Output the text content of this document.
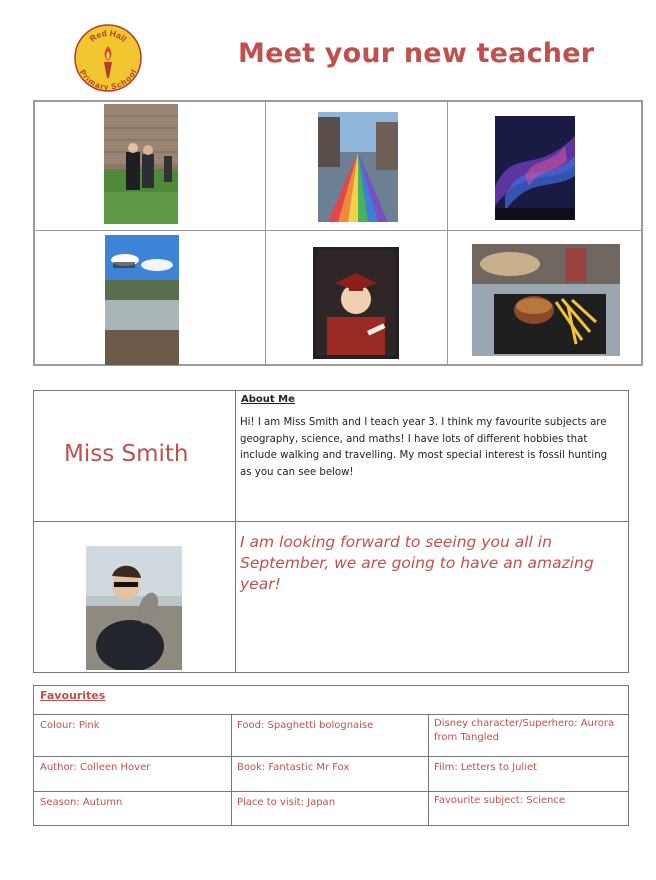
Red Hall
Primary School
Meet your new teacher
Miss Smith
About Me
Hi! I am Miss Smith and I teach year 3. I think my favourite subjects are geography, science, and maths! I have lots of different hobbies that include walking and travelling. My most special interest is fossil hunting as you can see below!
I am looking forward to seeing you all in September, we are going to have an amazing year!
Favourites
Colour: Pink	Food: Spaghetti bolognaise	Disney character/Superhero: Aurora from Tangled
Author: Colleen Hover	Book: Fantastic Mr Fox	Film: Letters to Juliet
Season: Autumn	Place to visit: Japan	Favourite subject: Science
